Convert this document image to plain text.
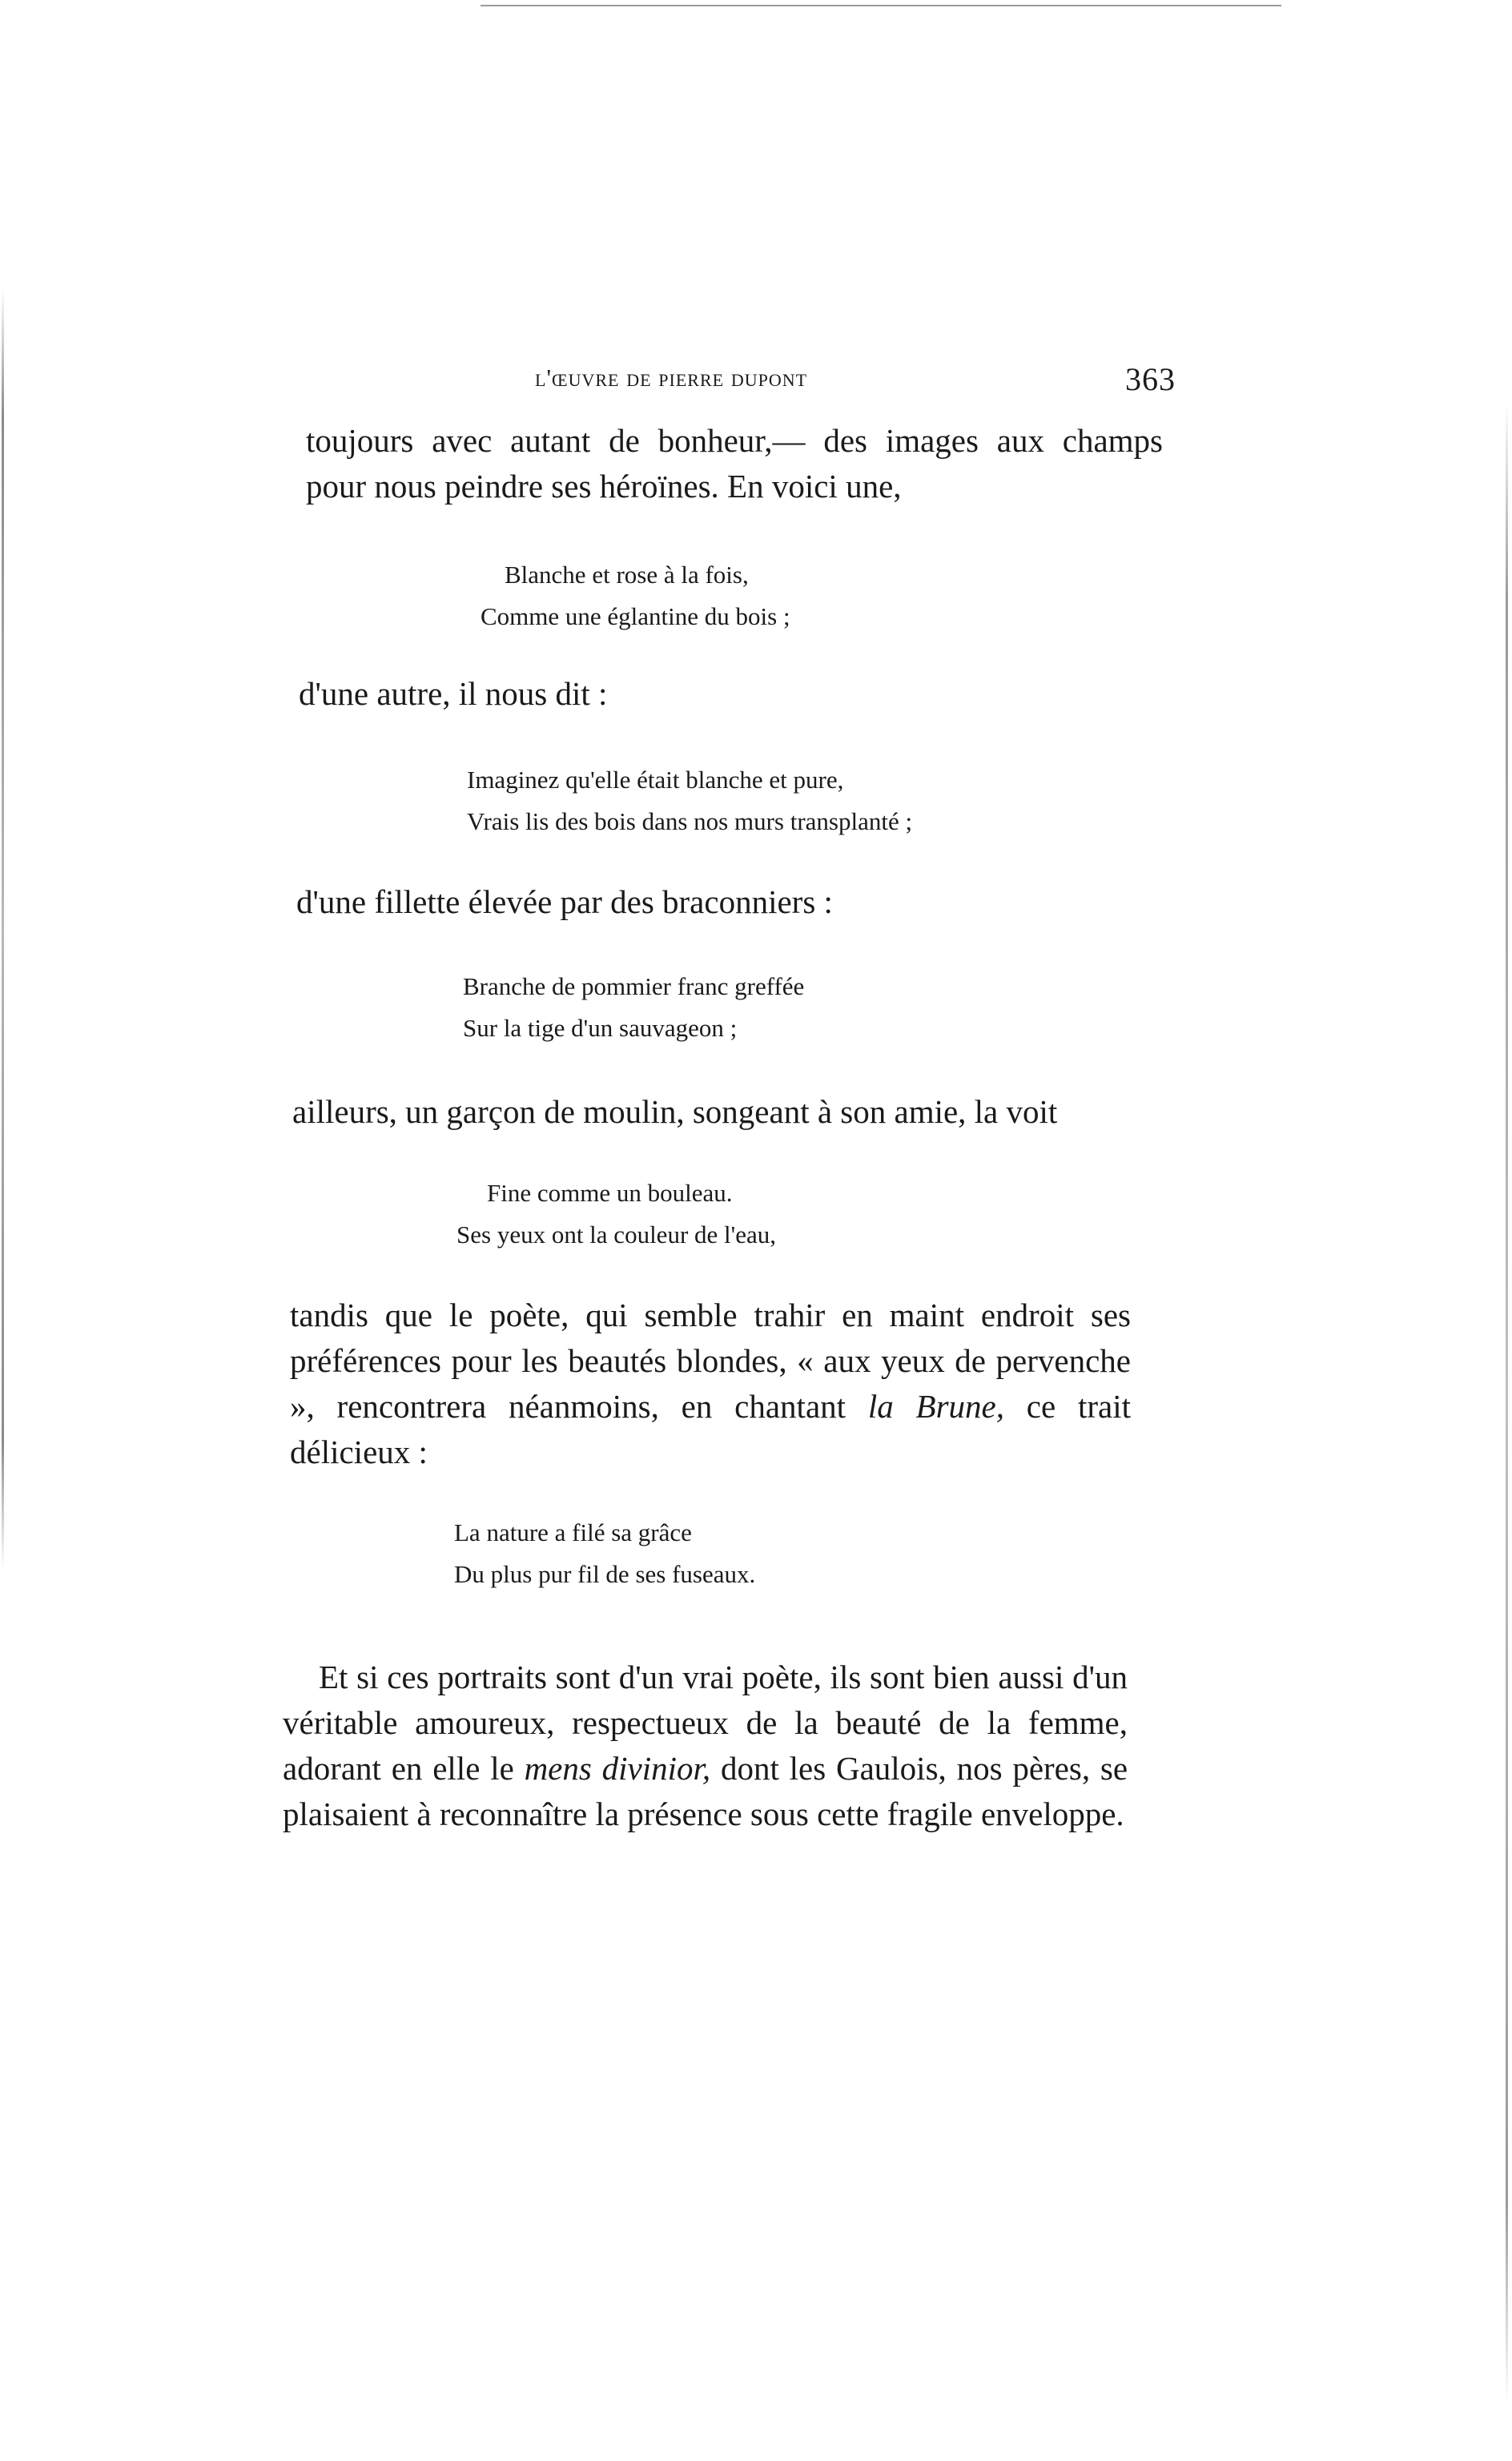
l'œuvre de pierre dupont	363

toujours avec autant de bonheur,— des images aux champs

pour nous peindre ses héroïnes. En voici une,

Blanche et rose à la fois,
Comme une églantine du bois ;

d'une autre, il nous dit :

Imaginez qu'elle était blanche et pure,
Vrais lis des bois dans nos murs transplanté ;

d'une fillette élevée par des braconniers :

Branche de pommier franc greffée
Sur la tige d'un sauvageon ;

ailleurs, un garçon de moulin, songeant à son amie, la voit

Fine comme un bouleau.
Ses yeux ont la couleur de l'eau,

tandis que le poète, qui semble trahir en maint endroit ses préférences pour les beautés blondes, « aux yeux de pervenche », rencontrera néanmoins, en chantant la Brune, ce trait délicieux :

La nature a filé sa grâce
Du plus pur fil de ses fuseaux.

Et si ces portraits sont d'un vrai poète, ils sont bien aussi d'un véritable amoureux, respectueux de la beauté de la femme, adorant en elle le mens divinior, dont les Gaulois, nos pères, se plaisaient à reconnaître la présence sous cette fragile enveloppe.
